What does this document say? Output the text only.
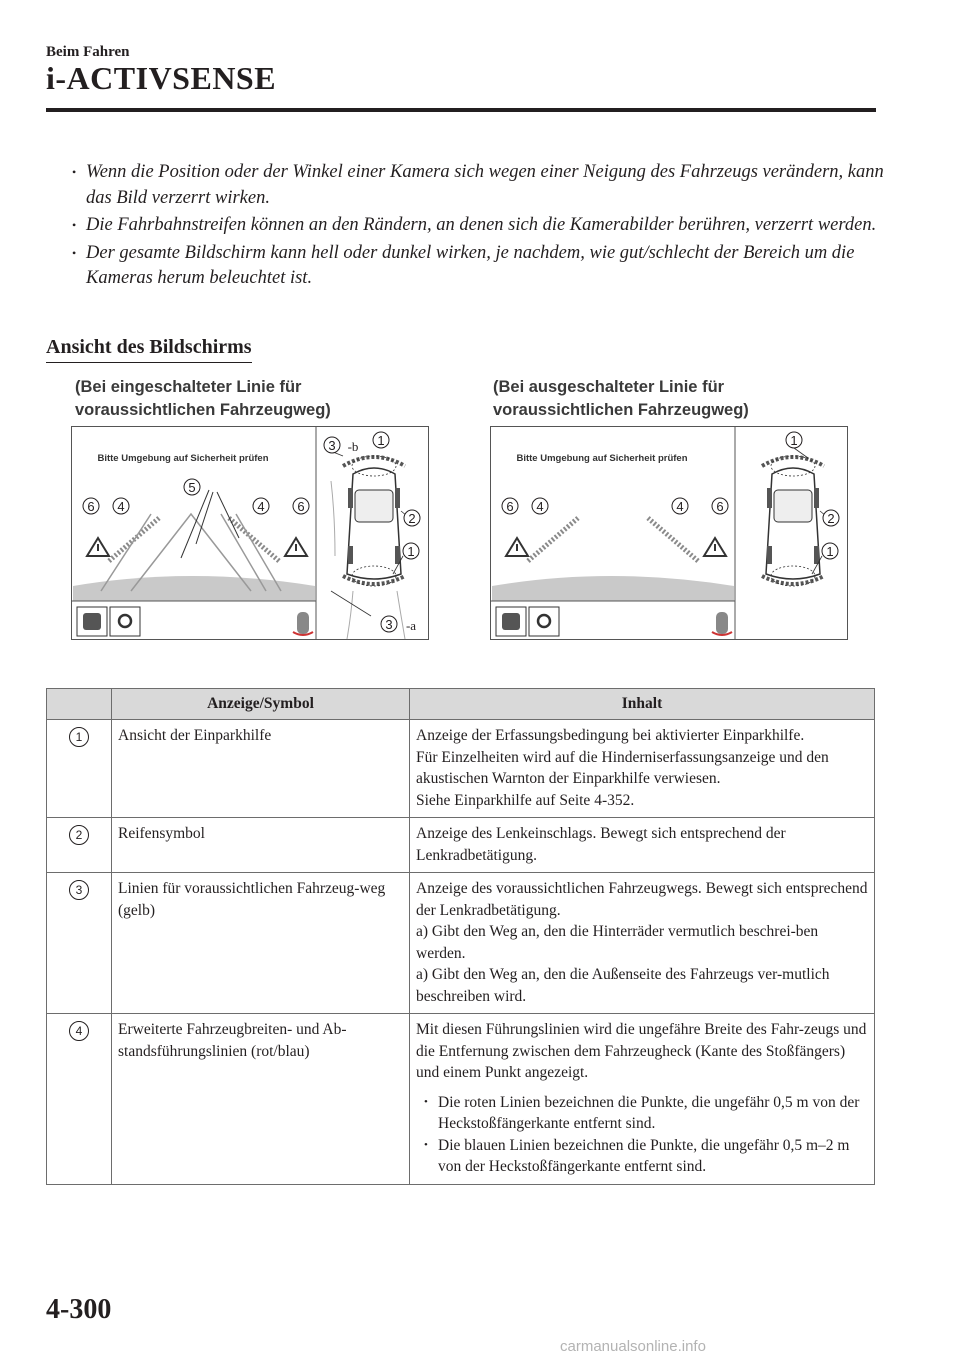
Beim Fahren
i-ACTIVSENSE
• Wenn die Position oder der Winkel einer Kamera sich wegen einer Neigung des Fahrzeugs verändern, kann das Bild verzerrt wirken.
• Die Fahrbahnstreifen können an den Rändern, an denen sich die Kamerabilder berühren, verzerrt werden.
• Der gesamte Bildschirm kann hell oder dunkel wirken, je nachdem, wie gut/schlecht der Bereich um die Kameras herum beleuchtet ist.
Ansicht des Bildschirms
(Bei eingeschalteter Linie für
voraussichtlichen Fahrzeugweg)
(Bei ausgeschalteter Linie für
voraussichtlichen Fahrzeugweg)
Bitte Umgebung auf Sicherheit prüfen
6 4
5
4	6
3 -b 1
2
1
3 -a
Bitte Umgebung auf Sicherheit prüfen
6 4	4	6
1
2
1
	Anzeige/Symbol	Inhalt
1	Ansicht der Einparkhilfe	Anzeige der Erfassungsbedingung bei aktivierter Einparkhilfe.
Für Einzelheiten wird auf die Hinderniserfassungsanzeige und den akustischen Warnton der Einparkhilfe verwiesen.
Siehe Einparkhilfe auf Seite 4-352.

2	Reifensymbol	Anzeige des Lenkeinschlags. Bewegt sich entsprechend der Lenkradbetätigung.

3	Linien für voraussichtlichen Fahrzeug-weg (gelb)	Anzeige des voraussichtlichen Fahrzeugwegs. Bewegt sich entsprechend der Lenkradbetätigung.
a) Gibt den Weg an, den die Hinterräder vermutlich beschrei-ben werden.
a) Gibt den Weg an, den die Außenseite des Fahrzeugs ver-mutlich beschreiben wird.

4	Erweiterte Fahrzeugbreiten- und Ab-standsführungslinien (rot/blau)	Mit diesen Führungslinien wird die ungefähre Breite des Fahr-zeugs und die Entfernung zwischen dem Fahrzeugheck (Kante des Stoßfängers) und einem Punkt angezeigt.
• Die roten Linien bezeichnen die Punkte, die ungefähr 0,5 m von der Heckstoßfängerkante entfernt sind.
• Die blauen Linien bezeichnen die Punkte, die ungefähr 0,5 m–2 m von der Heckstoßfängerkante entfernt sind.
4-300
carmanualsonline.info
